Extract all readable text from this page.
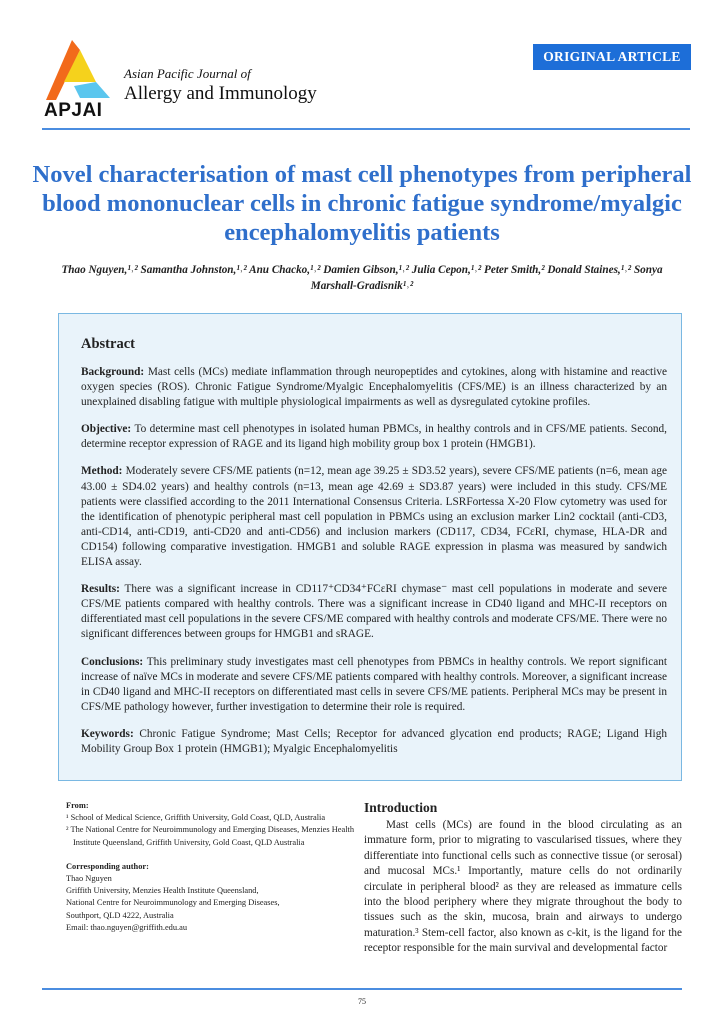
APJAI
Asian Pacific Journal of
Allergy and Immunology
ORIGINAL ARTICLE
Novel characterisation of mast cell phenotypes from peripheral blood mononuclear cells in chronic fatigue syndrome/myalgic encephalomyelitis patients
Thao Nguyen,¹˒² Samantha Johnston,¹˒² Anu Chacko,¹˒² Damien Gibson,¹˒² Julia Cepon,¹˒² Peter Smith,² Donald Staines,¹˒² Sonya Marshall-Gradisnik¹˒²
Abstract

Background: Mast cells (MCs) mediate inflammation through neuropeptides and cytokines, along with histamine and reactive oxygen species (ROS). Chronic Fatigue Syndrome/Myalgic Encephalomyelitis (CFS/ME) is an illness characterized by an unexplained disabling fatigue with multiple physiological impairments as well as dysregulated cytokine profiles.

Objective: To determine mast cell phenotypes in isolated human PBMCs, in healthy controls and in CFS/ME patients. Second, determine receptor expression of RAGE and its ligand high mobility group box 1 protein (HMGB1).

Method: Moderately severe CFS/ME patients (n=12, mean age 39.25 ± SD3.52 years), severe CFS/ME patients (n=6, mean age 43.00 ± SD4.02 years) and healthy controls (n=13, mean age 42.69 ± SD3.87 years) were included in this study. CFS/ME patients were classified according to the 2011 International Consensus Criteria. LSRFortessa X-20 Flow cytometry was used for the identification of phenotypic peripheral mast cell population in PBMCs using an exclusion marker Lin2 cocktail (anti-CD3, anti-CD14, anti-CD19, anti-CD20 and anti-CD56) and inclusion markers (CD117, CD34, FCεRI, chymase, HLA-DR and CD154) following comparative investigation. HMGB1 and soluble RAGE expression in plasma was measured by sandwich ELISA assay.

Results: There was a significant increase in CD117⁺CD34⁺FCεRI chymase⁻ mast cell populations in moderate and severe CFS/ME patients compared with healthy controls. There was a significant increase in CD40 ligand and MHC-II receptors on differentiated mast cell populations in the severe CFS/ME compared with healthy controls and moderate CFS/ME. There were no significant differences between groups for HMGB1 and sRAGE.

Conclusions: This preliminary study investigates mast cell phenotypes from PBMCs in healthy controls. We report significant increase of naïve MCs in moderate and severe CFS/ME patients compared with healthy controls. Moreover, a significant increase in CD40 ligand and MHC-II receptors on differentiated mast cells in severe CFS/ME patients. Peripheral MCs may be present in CFS/ME pathology however, further investigation to determine their role is required.

Keywords: Chronic Fatigue Syndrome; Mast Cells; Receptor for advanced glycation end products; RAGE; Ligand High Mobility Group Box 1 protein (HMGB1); Myalgic Encephalomyelitis

From:
¹ School of Medical Science, Griffith University, Gold Coast, QLD, Australia
² The National Centre for Neuroimmunology and Emerging Diseases, Menzies Health Institute Queensland, Griffith University, Gold Coast, QLD Australia
Corresponding author:
Thao Nguyen
Griffith University, Menzies Health Institute Queensland,
National Centre for Neuroimmunology and Emerging Diseases,
Southport, QLD 4222, Australia
Email: thao.nguyen@griffith.edu.au
Introduction

Mast cells (MCs) are found in the blood circulating as an immature form, prior to migrating to vascularised tissues, where they differentiate into functional cells such as connective tissue (or serosal) and mucosal MCs.¹ Importantly, mature cells do not ordinarily circulate in peripheral blood² as they are released as immature cells into the blood periphery where they migrate throughout the body to tissues such as the skin, mucosa, brain and airways to undergo maturation.³ Stem-cell factor, also known as c-kit, is the ligand for the receptor responsible for the main survival and developmental factor

75
